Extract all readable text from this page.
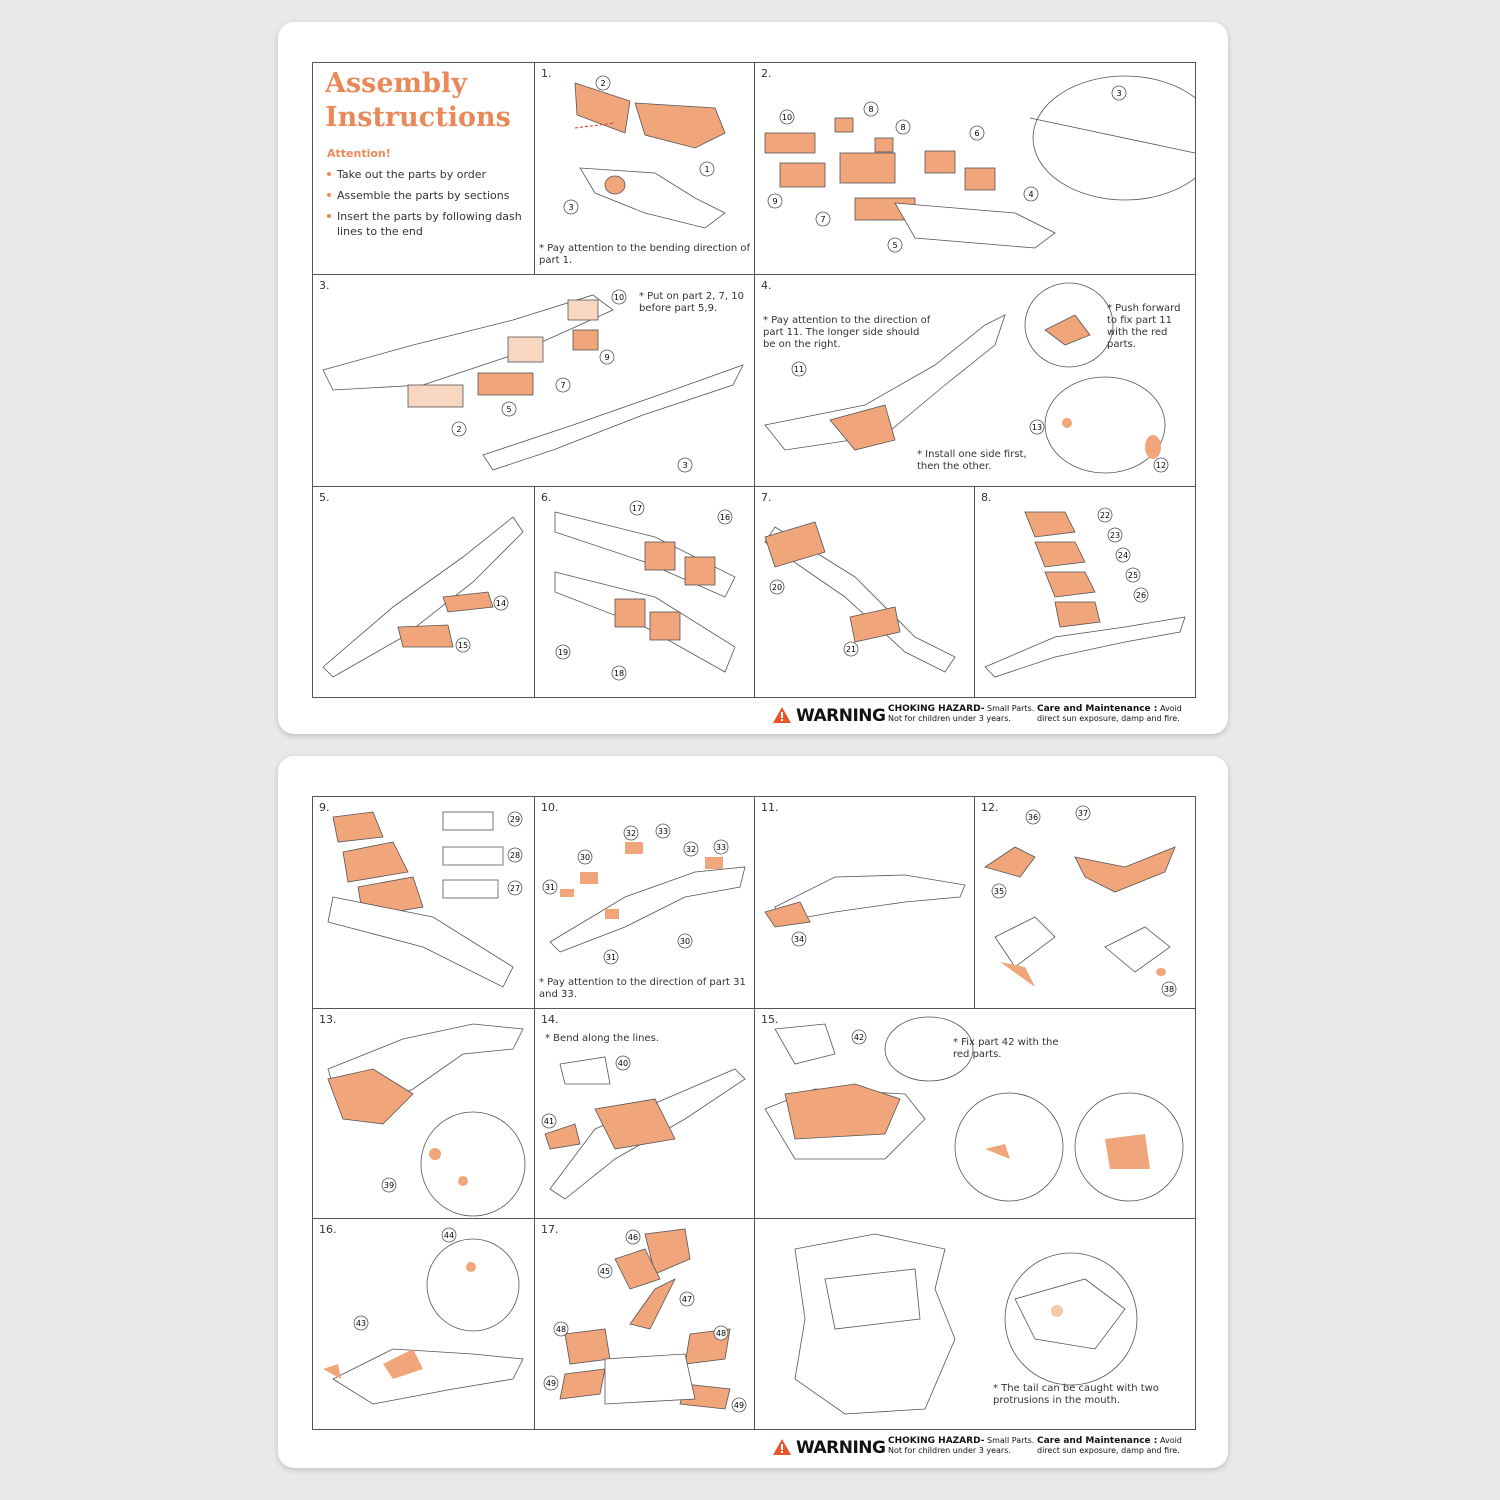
Assembly
Instructions
Attention!
Take out the parts by order
Assemble the parts by sections
Insert the parts by following dash lines to the end
1.
2
1
3
* Pay attention to the bending direction of part 1.
2.
10
8
8
6
3
9
7
5
4
3.
10
9
7
2
5
3
* Put on part 2, 7, 10 before part 5,9.
4.
11
13
12
* Pay attention to the direction of part 11. The longer side should be on the right.
* Push forward to fix part 11 with the red parts.
* Install one side first, then the other.
5.
14
15
6.
17
16
19
18
7.
20
21
8.
22
23
24
25
26
WARNING CHOKING HAZARD- Small Parts.
Not for children under 3 years.
Care and Maintenance : Avoid direct sun exposure, damp and fire.
9.
29
28
27
10.
32	33
30
32 33
31
30
31
* Pay attention to the direction of part 31 and 33.
11.
34
12.
36	37
35
38
13.
39
14.
40
41
* Bend along the lines.
15.
42	* Fix part 42 with the red parts.
16.	44
43
17.
46
45
47
48	48
49
49
* The tail can be caught with two protrusions in the mouth.
WARNING CHOKING HAZARD- Small Parts.
Not for children under 3 years.
Care and Maintenance : Avoid direct sun exposure, damp and fire.
